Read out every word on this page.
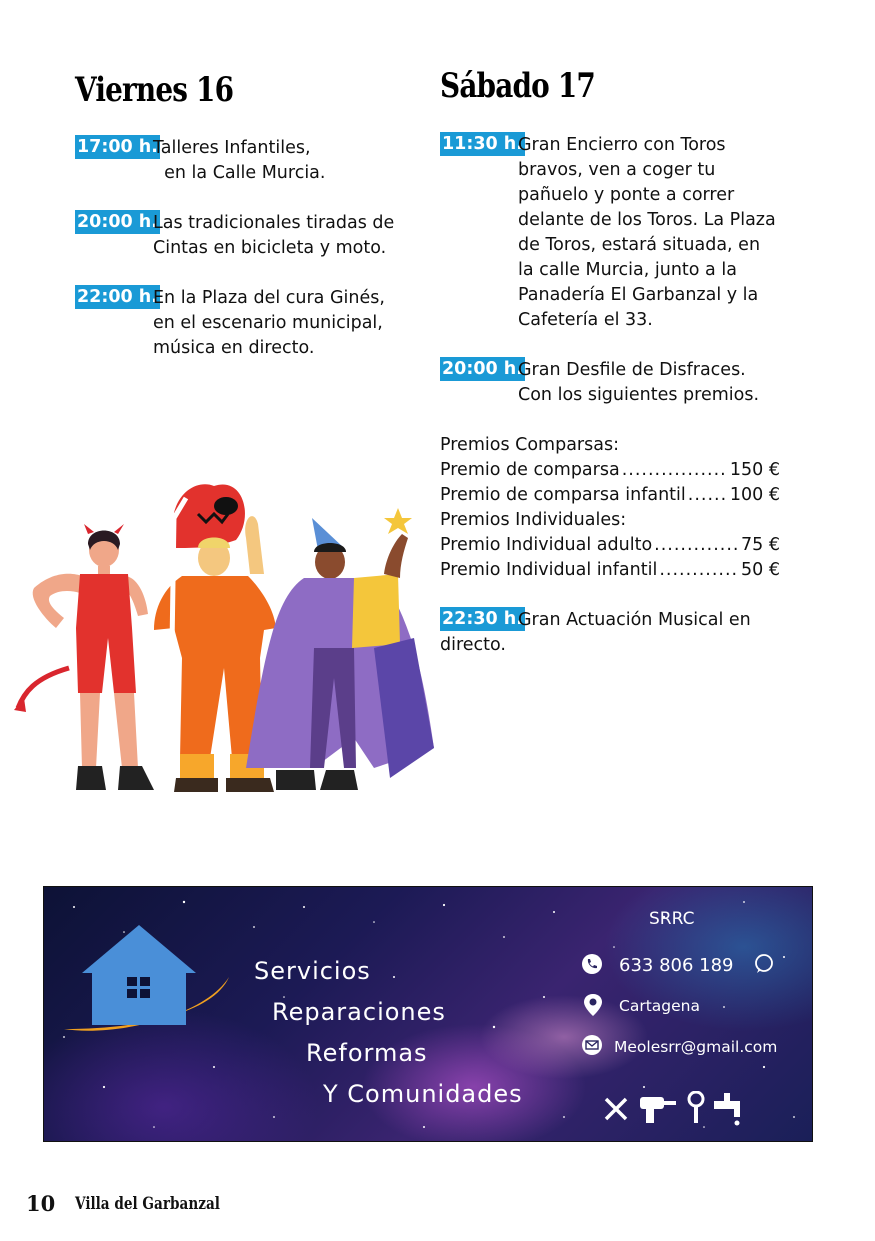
Viernes 16
17:00 h.
Talleres Infantiles,
en la Calle Murcia.
20:00 h.
Las tradicionales tiradas de
Cintas en bicicleta y moto.
22:00 h.
En la Plaza del cura Ginés,
en el escenario municipal,
música en directo.
Sábado 17
11:30 h.
Gran Encierro con Toros
bravos, ven a coger tu
pañuelo y ponte a correr
delante de los Toros. La Plaza
de Toros, estará situada, en
la calle Murcia, junto a la
Panadería El Garbanzal y la
Cafetería el 33.
20:00 h.
Gran Desfile de Disfraces.
Con los siguientes premios.
Premios Comparsas:
Premio de comparsa .....	150 €
Premio de comparsa infantil .....	100 €
Premios Individuales:
Premio Individual adulto .....	75 €
Premio Individual infantil .....	50 €
22:30 h.
Gran Actuación Musical en
directo.
Servicios
Reparaciones
Reformas
Y Comunidades
SRRC
633 806 189
Cartagena
Meolesrr@gmail.com
10 Villa del Garbanzal
